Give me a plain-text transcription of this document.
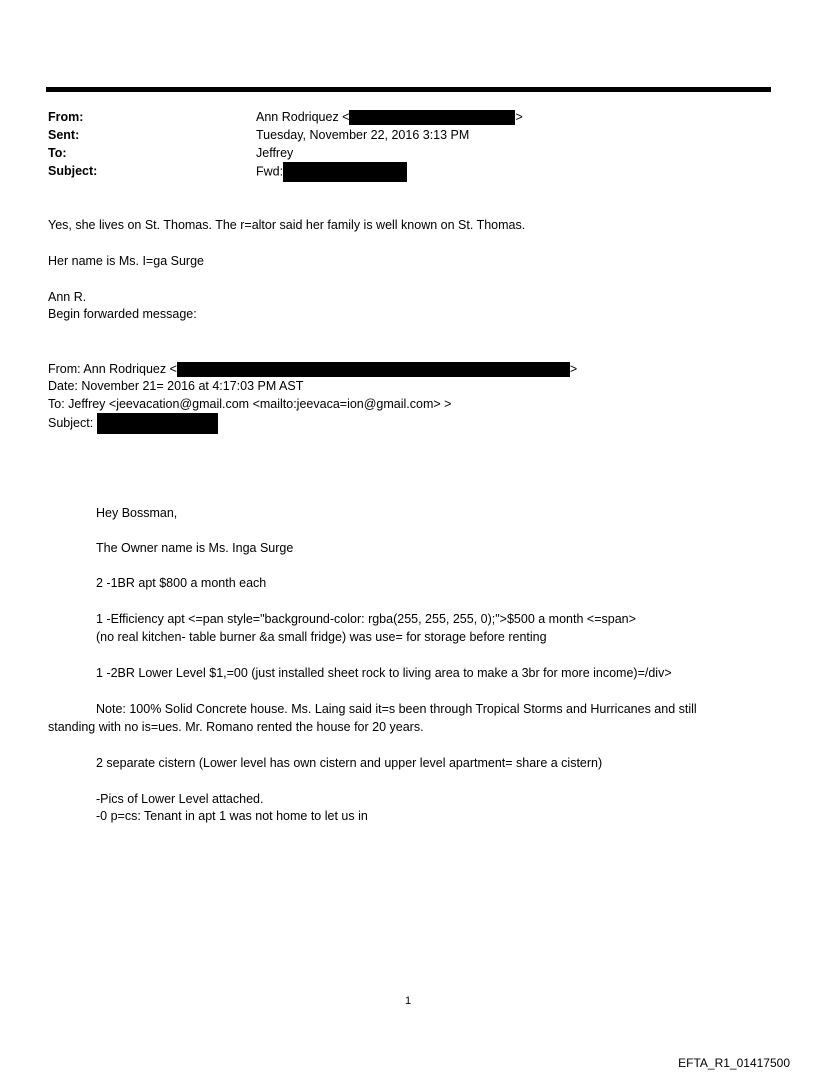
From:	Ann Rodriquez <	>
Sent:	Tuesday, November 22, 2016 3:13 PM
To:	Jeffrey
Subject:	Fwd:
Yes, she lives on St. Thomas. The r=altor said her family is well known on St. Thomas.
Her name is Ms. I=ga Surge
Ann R.
Begin forwarded message:
From: Ann Rodriquez <	>
Date: November 21= 2016 at 4:17:03 PM AST
To: Jeffrey <jeevacation@gmail.com <mailto:jeevaca=ion@gmail.com> >
Subject:
Hey Bossman,
The Owner name is Ms. Inga Surge
2 -1BR apt $800 a month each
1 -Efficiency apt <=pan style="background-color: rgba(255, 255, 255, 0);">$500 a month <=span>
(no real kitchen- table burner &a small fridge) was use= for storage before renting
1 -2BR Lower Level $1,=00 (just installed sheet rock to living area to make a 3br for more income)=/div>
Note: 100% Solid Concrete house. Ms. Laing said it=s been through Tropical Storms and Hurricanes and still
standing with no is=ues. Mr. Romano rented the house for 20 years.
2 separate cistern (Lower level has own cistern and upper level apartment= share a cistern)
-Pics of Lower Level attached.
-0 p=cs: Tenant in apt 1 was not home to let us in
1
EFTA_R1_01417500
